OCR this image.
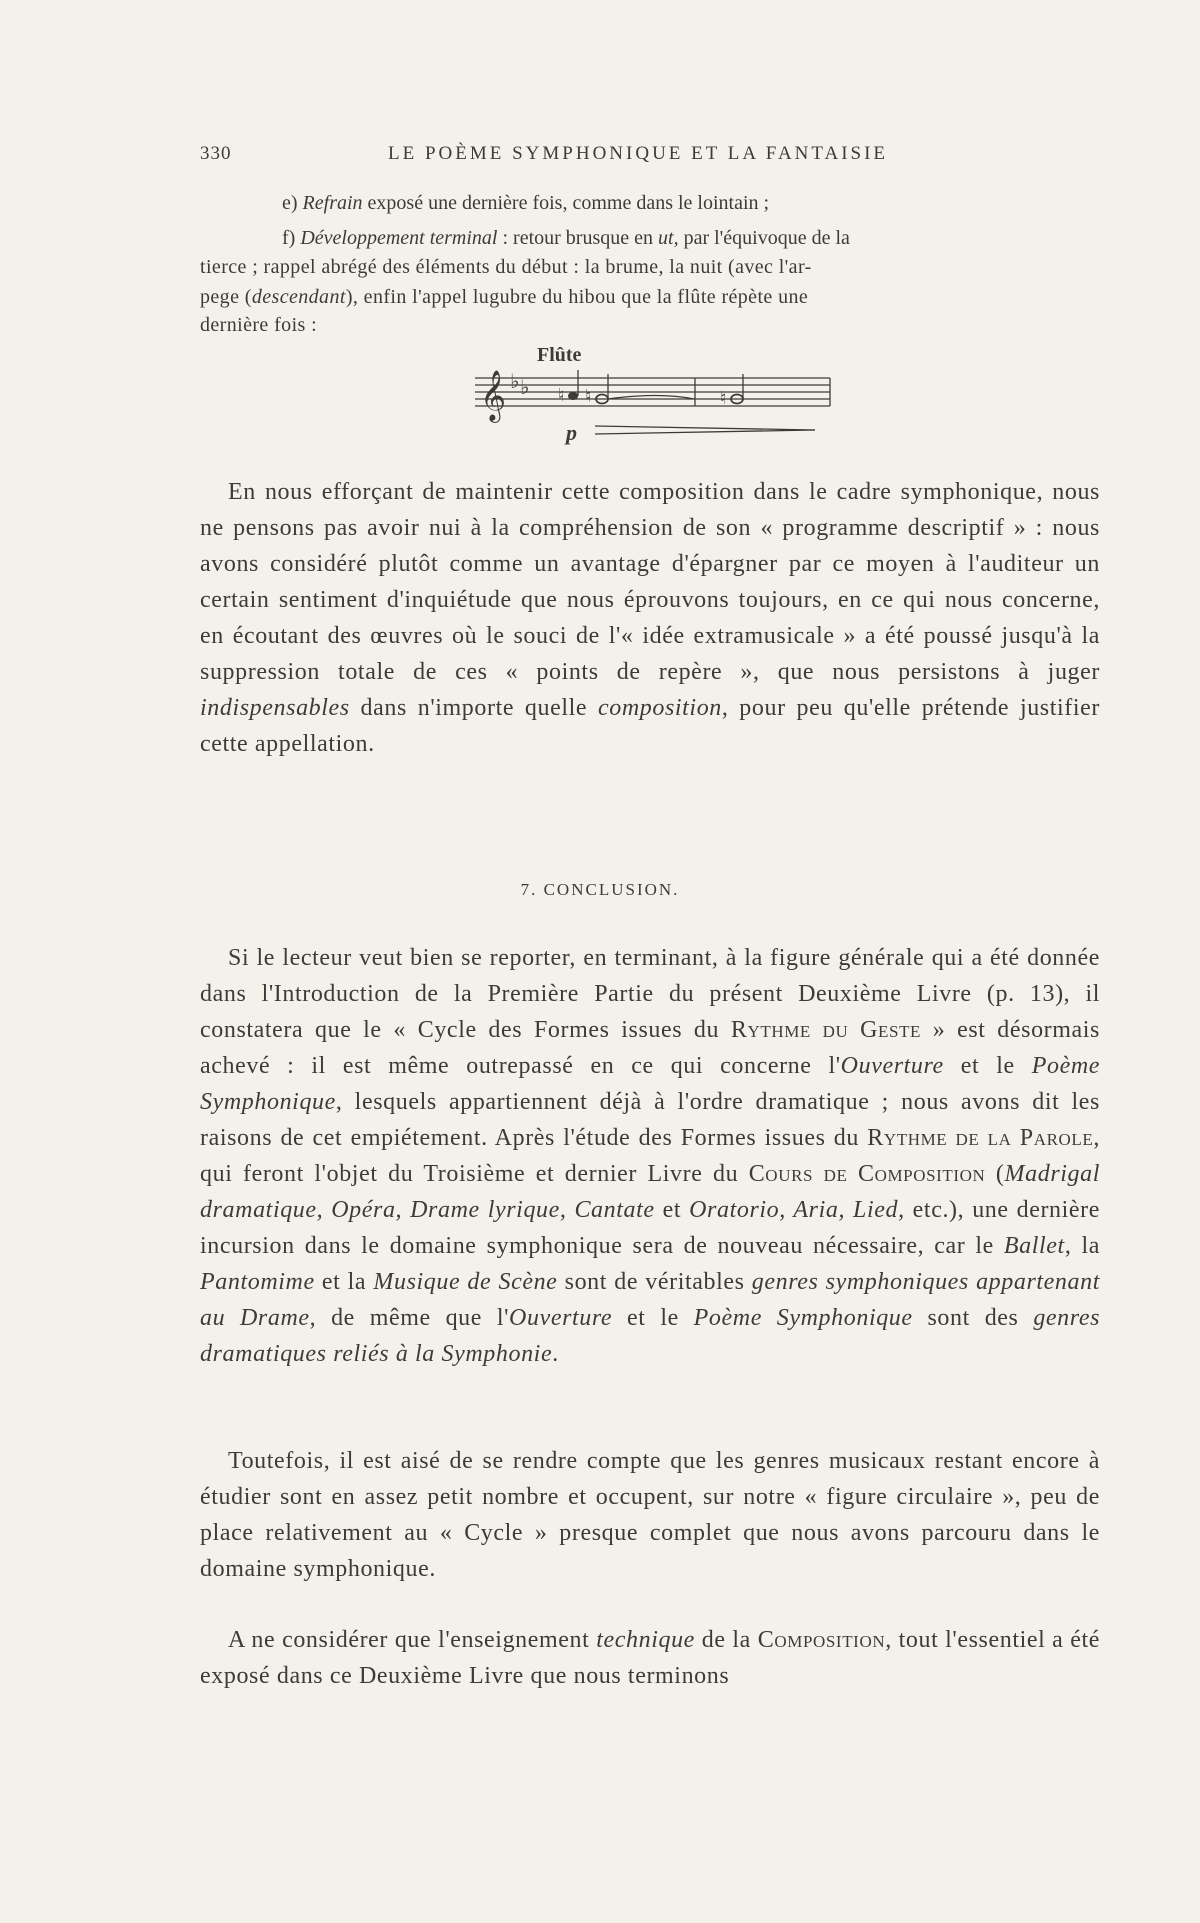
330	LE POÈME SYMPHONIQUE ET LA FANTAISIE
e) Refrain exposé une dernière fois, comme dans le lointain ;
f) Développement terminal : retour brusque en ut, par l'équivoque de la
tierce ; rappel abrégé des éléments du début : la brume, la nuit (avec l'ar-
pege (descendant), enfin l'appel lugubre du hibou que la flûte répète une
dernière fois :
Flûte
𝄞 ♭ ♭ ♮ ♮	♮
p
En nous efforçant de maintenir cette composition dans le cadre symphonique, nous ne pensons pas avoir nui à la compréhension de son « programme descriptif » : nous avons considéré plutôt comme un avantage d'épargner par ce moyen à l'auditeur un certain sentiment d'inquiétude que nous éprouvons toujours, en ce qui nous concerne, en écoutant des œuvres où le souci de l'« idée extramusicale » a été poussé jusqu'à la suppression totale de ces « points de repère », que nous persistons à juger indispensables dans n'importe quelle composition, pour peu qu'elle prétende justifier cette appellation.
7. CONCLUSION.
Si le lecteur veut bien se reporter, en terminant, à la figure générale qui a été donnée dans l'Introduction de la Première Partie du présent Deuxième Livre (p. 13), il constatera que le « Cycle des Formes issues du Rythme du Geste » est désormais achevé : il est même outrepassé en ce qui concerne l'Ouverture et le Poème Symphonique, lesquels appartiennent déjà à l'ordre dramatique ; nous avons dit les raisons de cet empiétement. Après l'étude des Formes issues du Rythme de la Parole, qui feront l'objet du Troisième et dernier Livre du Cours de Composition (Madrigal dramatique, Opéra, Drame lyrique, Cantate et Oratorio, Aria, Lied, etc.), une dernière incursion dans le domaine symphonique sera de nouveau nécessaire, car le Ballet, la Pantomime et la Musique de Scène sont de véritables genres symphoniques appartenant au Drame, de même que l'Ouverture et le Poème Symphonique sont des genres dramatiques reliés à la Symphonie.
Toutefois, il est aisé de se rendre compte que les genres musicaux restant encore à étudier sont en assez petit nombre et occupent, sur notre « figure circulaire », peu de place relativement au « Cycle » presque complet que nous avons parcouru dans le domaine symphonique.
A ne considérer que l'enseignement technique de la Composition, tout l'essentiel a été exposé dans ce Deuxième Livre que nous terminons
